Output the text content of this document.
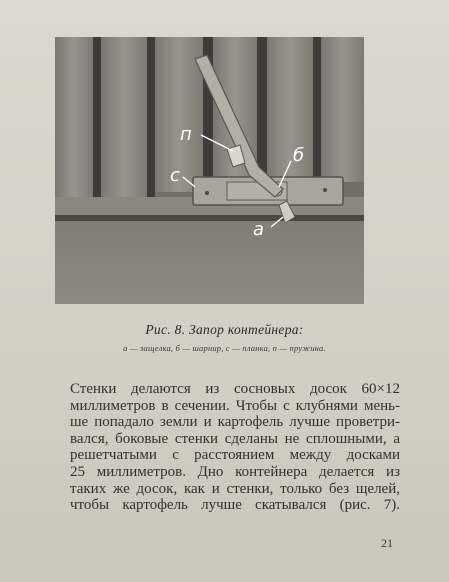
п
б
с
а
Рис. 8. Запор контейнера:
а — защелка, б — шарнир, с — планка, п — пружина.
Стенки делаются из сосновых досок 60×12
миллиметров в сечении. Чтобы с клубнями мень-
ше попадало земли и картофель лучше проветри-
вался, боковые стенки сделаны не сплошными, а
решетчатыми с расстоянием между досками
25 миллиметров. Дно контейнера делается из
таких же досок, как и стенки, только без щелей,
чтобы картофель лучше скатывался (рис. 7).
21
